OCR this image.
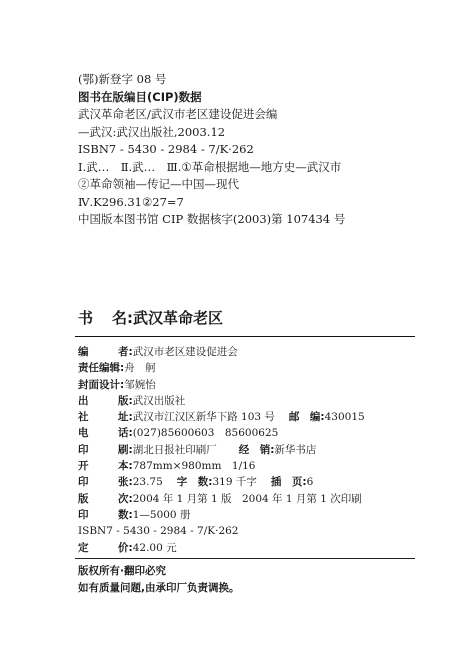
(鄂)新登字 08 号
图书在版编目(CIP)数据
武汉革命老区/武汉市老区建设促进会编
—武汉:武汉出版社,2003.12
ISBN7 - 5430 - 2984 - 7/K·262
Ⅰ.武…　Ⅱ.武…　Ⅲ.①革命根据地—地方史—武汉市
②革命领袖—传记—中国—现代
Ⅳ.K296.31②27=7
中国版本图书馆 CIP 数据核字(2003)第 107434 号
书 名:武汉革命老区
编	者:武汉市老区建设促进会
责任编辑:舟　舸
封面设计:邹婉怡
出	版:武汉出版社
社	址:武汉市江汉区新华下路 103 号 邮　编:430015
电	话:(027)85600603　85600625
印	刷:湖北日报社印刷厂 经　销:新华书店
开	本:787mm×980mm　1/16
印	张:23.75 字　数:319 千字 插　页:6
版	次:2004 年 1 月第 1 版　2004 年 1 月第 1 次印刷
印	数:1—5000 册
ISBN7 - 5430 - 2984 - 7/K·262
定	价:42.00 元
版权所有·翻印必究
如有质量问题,由承印厂负责调换。
